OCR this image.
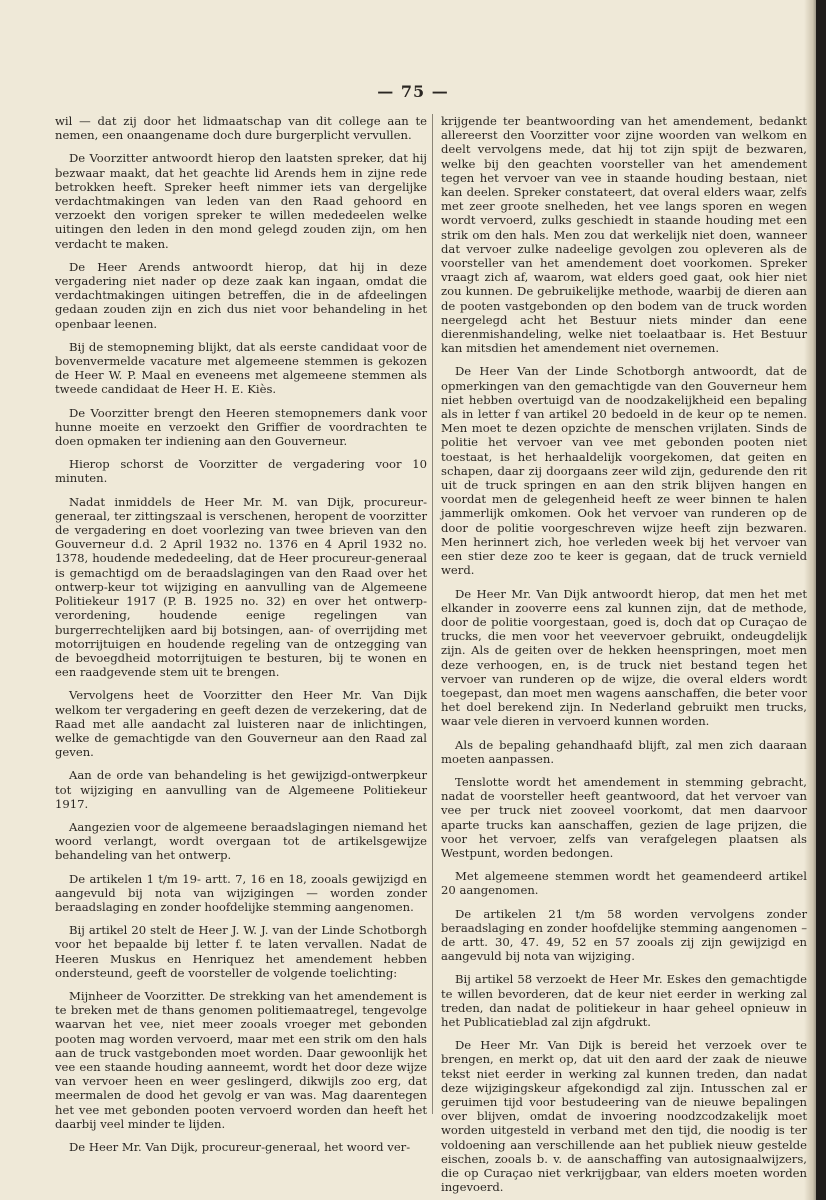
— 75 —

wil — dat zij door het lidmaatschap van dit college aan te nemen, een onaangename doch dure burgerplicht vervullen.

De Voorzitter antwoordt hierop den laatsten spreker, dat hij bezwaar maakt, dat het geachte lid Arends hem in zijne rede betrokken heeft. Spreker heeft nimmer iets van dergelijke verdachtmakingen van leden van den Raad gehoord en verzoekt den vorigen spreker te willen mededeelen welke uitingen den leden in den mond gelegd zouden zijn, om hen verdacht te maken.

De Heer Arends antwoordt hierop, dat hij in deze vergadering niet nader op deze zaak kan ingaan, omdat die verdachtmakingen uitingen betreffen, die in de afdeelingen gedaan zouden zijn en zich dus niet voor behandeling in het openbaar leenen.

Bij de stemopneming blijkt, dat als eerste candidaat voor de bovenvermelde vacature met algemeene stemmen is gekozen de Heer W. P. Maal en eveneens met algemeene stemmen als tweede candidaat de Heer H. E. Kiès.

De Voorzitter brengt den Heeren stemopnemers dank voor hunne moeite en verzoekt den Griffier de voordrachten te doen opmaken ter indiening aan den Gouverneur.

Hierop schorst de Voorzitter de vergadering voor 10 minuten.

Nadat inmiddels de Heer Mr. M. van Dijk, procureur-generaal, ter zittingszaal is verschenen, heropent de voorzitter de vergadering en doet voorlezing van twee brieven van den Gouverneur d.d. 2 April 1932 no. 1376 en 4 April 1932 no. 1378, houdende mededeeling, dat de Heer procureur-generaal is gemachtigd om de beraadslagingen van den Raad over het ontwerp-keur tot wijziging en aanvulling van de Algemeene Politiekeur 1917 (P. B. 1925 no. 32) en over het ontwerp-verordening, houdende eenige regelingen van burgerrechtelijken aard bij botsingen, aan- of overrijding met motorrijtuigen en houdende regeling van de ontzegging van de bevoegdheid motorrijtuigen te besturen, bij te wonen en een raadgevende stem uit te brengen.

Vervolgens heet de Voorzitter den Heer Mr. Van Dijk welkom ter vergadering en geeft dezen de verzekering, dat de Raad met alle aandacht zal luisteren naar de inlichtingen, welke de gemachtigde van den Gouverneur aan den Raad zal geven.

Aan de orde van behandeling is het gewijzigd-ontwerpkeur tot wijziging en aanvulling van de Algemeene Politiekeur 1917.

Aangezien voor de algemeene beraadslagingen niemand het woord verlangt, wordt overgaan tot de artikelsgewijze behandeling van het ontwerp.

De artikelen 1 t/m 19- artt. 7, 16 en 18, zooals gewijzigd en aangevuld bij nota van wijzigingen — worden zonder beraadslaging en zonder hoofdelijke stemming aangenomen.

Bij artikel 20 stelt de Heer J. W. J. van der Linde Schotborgh voor het bepaalde bij letter f. te laten vervallen. Nadat de Heeren Muskus en Henriquez het amendement hebben ondersteund, geeft de voorsteller de volgende toelichting:

Mijnheer de Voorzitter. De strekking van het amendement is te breken met de thans genomen politiemaatregel, tengevolge waarvan het vee, niet meer zooals vroeger met gebonden pooten mag worden vervoerd, maar met een strik om den hals aan de truck vastgebonden moet worden. Daar gewoonlijk het vee een staande houding aanneemt, wordt het door deze wijze van vervoer heen en weer geslingerd, dikwijls zoo erg, dat meermalen de dood het gevolg er van was. Mag daarentegen het vee met gebonden pooten vervoerd worden dan heeft het daarbij veel minder te lijden.

De Heer Mr. Van Dijk, procureur-generaal, het woord ver-

krijgende ter beantwoording van het amendement, bedankt allereerst den Voorzitter voor zijne woorden van welkom en deelt vervolgens mede, dat hij tot zijn spijt de bezwaren, welke bij den geachten voorsteller van het amendement tegen het vervoer van vee in staande houding bestaan, niet kan deelen. Spreker constateert, dat overal elders waar, zelfs met zeer groote snelheden, het vee langs sporen en wegen wordt vervoerd, zulks geschiedt in staande houding met een strik om den hals. Men zou dat werkelijk niet doen, wanneer dat vervoer zulke nadeelige gevolgen zou opleveren als de voorsteller van het amendement doet voorkomen. Spreker vraagt zich af, waarom, wat elders goed gaat, ook hier niet zou kunnen. De gebruikelijke methode, waarbij de dieren aan de pooten vastgebonden op den bodem van de truck worden neergelegd acht het Bestuur niets minder dan eene dierenmishandeling, welke niet toelaatbaar is. Het Bestuur kan mitsdien het amendement niet overnemen.

De Heer Van der Linde Schotborgh antwoordt, dat de opmerkingen van den gemachtigde van den Gouverneur hem niet hebben overtuigd van de noodzakelijkheid een bepaling als in letter f van artikel 20 bedoeld in de keur op te nemen. Men moet te dezen opzichte de menschen vrijlaten. Sinds de politie het vervoer van vee met gebonden pooten niet toestaat, is het herhaaldelijk voorgekomen, dat geiten en schapen, daar zij doorgaans zeer wild zijn, gedurende den rit uit de truck springen en aan den strik blijven hangen en voordat men de gelegenheid heeft ze weer binnen te halen jammerlijk omkomen. Ook het vervoer van runderen op de door de politie voorgeschreven wijze heeft zijn bezwaren. Men herinnert zich, hoe verleden week bij het vervoer van een stier deze zoo te keer is gegaan, dat de truck vernield werd.

De Heer Mr. Van Dijk antwoordt hierop, dat men het met elkander in zooverre eens zal kunnen zijn, dat de methode, door de politie voorgestaan, goed is, doch dat op Curaçao de trucks, die men voor het veevervoer gebruikt, ondeugdelijk zijn. Als de geiten over de hekken heenspringen, moet men deze verhoogen, en, is de truck niet bestand tegen het vervoer van runderen op de wijze, die overal elders wordt toegepast, dan moet men wagens aanschaffen, die beter voor het doel berekend zijn. In Nederland gebruikt men trucks, waar vele dieren in vervoerd kunnen worden.

Als de bepaling gehandhaafd blijft, zal men zich daaraan moeten aanpassen.

Tenslotte wordt het amendement in stemming gebracht, nadat de voorsteller heeft geantwoord, dat het vervoer van vee per truck niet zooveel voorkomt, dat men daarvoor aparte trucks kan aanschaffen, gezien de lage prijzen, die voor het vervoer, zelfs van verafgelegen plaatsen als Westpunt, worden bedongen.

Met algemeene stemmen wordt het geamendeerd artikel 20 aangenomen.

De artikelen 21 t/m 58 worden vervolgens zonder beraadslaging en zonder hoofdelijke stemming aangenomen – de artt. 30, 47. 49, 52 en 57 zooals zij zijn gewijzigd en aangevuld bij nota van wijziging.

Bij artikel 58 verzoekt de Heer Mr. Eskes den gemachtigde te willen bevorderen, dat de keur niet eerder in werking zal treden, dan nadat de politiekeur in haar geheel opnieuw in het Publicatieblad zal zijn afgdrukt.

De Heer Mr. Van Dijk is bereid het verzoek over te brengen, en merkt op, dat uit den aard der zaak de nieuwe tekst niet eerder in werking zal kunnen treden, dan nadat deze wijzigingskeur afgekondigd zal zijn. Intusschen zal er geruimen tijd voor bestudeering van de nieuwe bepalingen over blijven, omdat de invoering noodzcodzakelijk moet worden uitgesteld in verband met den tijd, die noodig is ter voldoening aan verschillende aan het publiek nieuw gestelde eischen, zooals b. v. de aanschaffing van autosignaalwijzers, die op Curaçao niet verkrijgbaar, van elders moeten worden ingevoerd.
